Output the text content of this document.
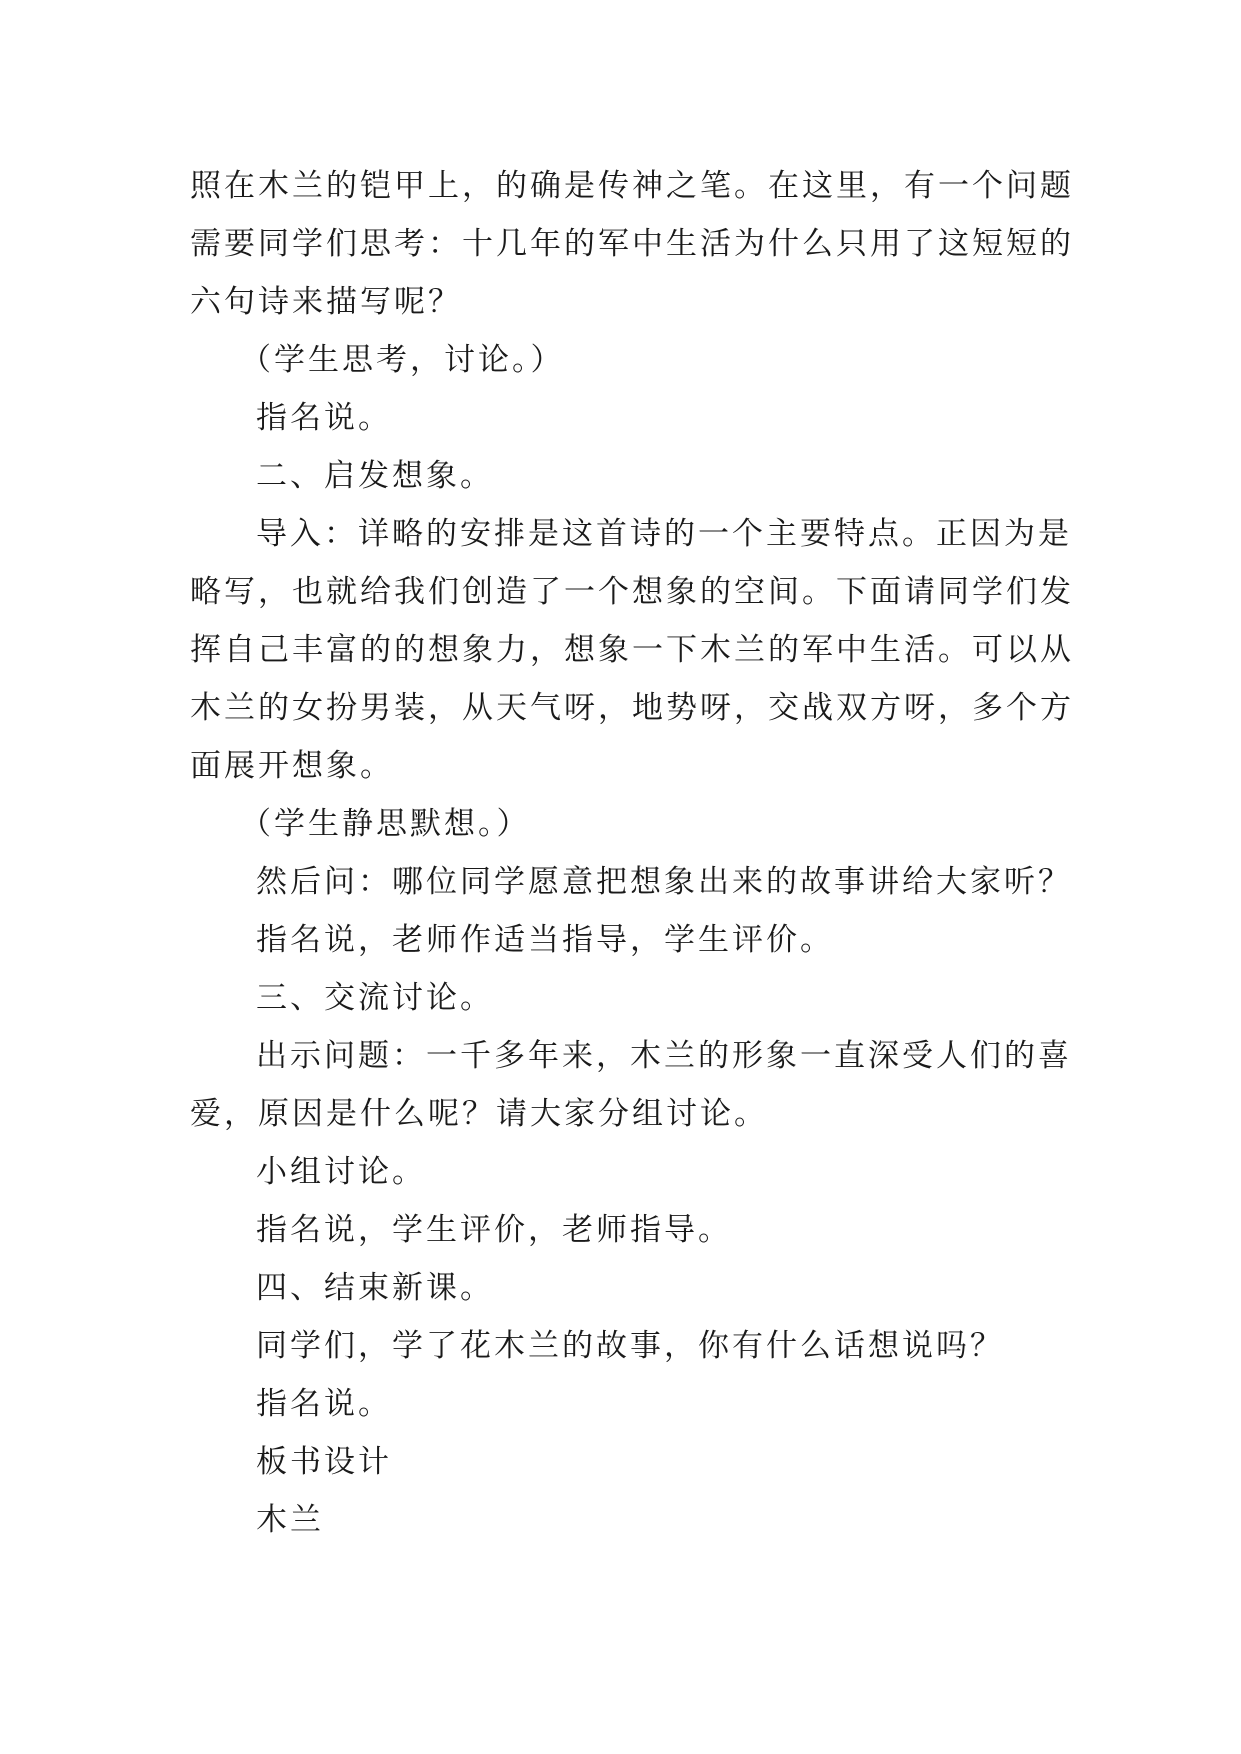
照在木兰的铠甲上，的确是传神之笔。在这里，有一个问题
需要同学们思考：十几年的军中生活为什么只用了这短短的
六句诗来描写呢？
（学生思考，讨论。）
指名说。
二、启发想象。
导入：详略的安排是这首诗的一个主要特点。正因为是
略写，也就给我们创造了一个想象的空间。下面请同学们发
挥自己丰富的的想象力，想象一下木兰的军中生活。可以从
木兰的女扮男装，从天气呀，地势呀，交战双方呀，多个方
面展开想象。
（学生静思默想。）
然后问：哪位同学愿意把想象出来的故事讲给大家听？
指名说，老师作适当指导，学生评价。
三、交流讨论。
出示问题：一千多年来，木兰的形象一直深受人们的喜
爱，原因是什么呢？请大家分组讨论。
小组讨论。
指名说，学生评价，老师指导。
四、结束新课。
同学们，学了花木兰的故事，你有什么话想说吗？
指名说。
板书设计
木兰
